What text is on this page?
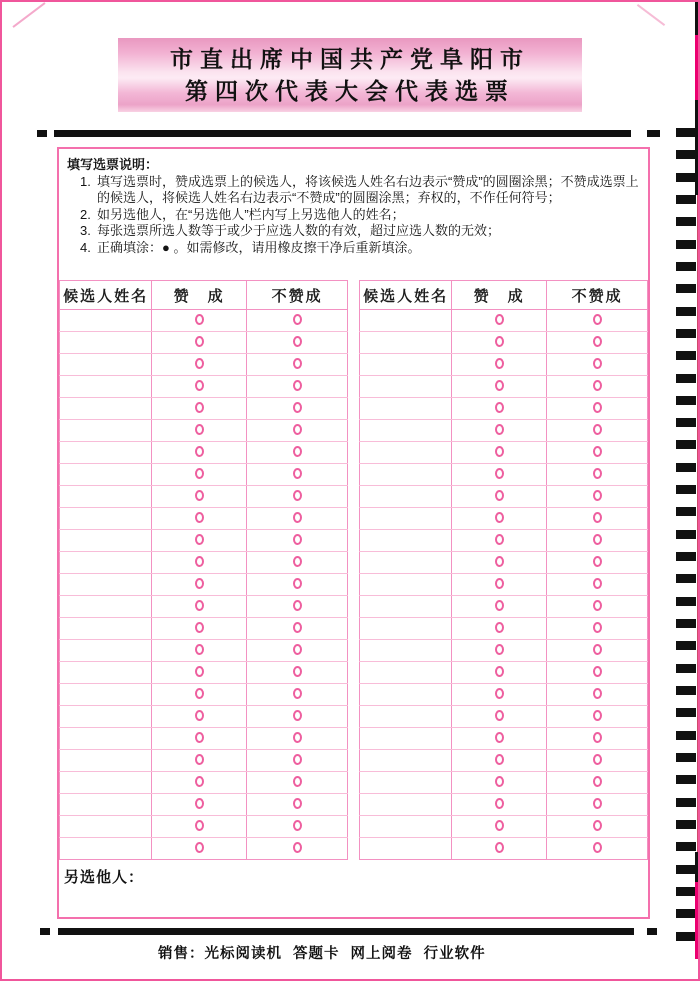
市直出席中国共产党阜阳市
第四次代表大会代表选票
填写选票说明：
1. 填写选票时，赞成选票上的候选人，将该候选人姓名右边表示“赞成”的圆圈涂黑；不赞成选票上的候选人，将候选人姓名右边表示“不赞成”的圆圈涂黑；弃权的，不作任何符号；
2. 如另选他人，在“另选他人”栏内写上另选他人的姓名；
3. 每张选票所选人数等于或少于应选人数的有效，超过应选人数的无效；
4. 正确填涂：● 。如需修改，请用橡皮擦干净后重新填涂。
候选人姓名	赞　成	不赞成

			候选人姓名	赞　成	不赞成

另选他人：
销售：光标阅读机 答题卡 网上阅卷 行业软件
